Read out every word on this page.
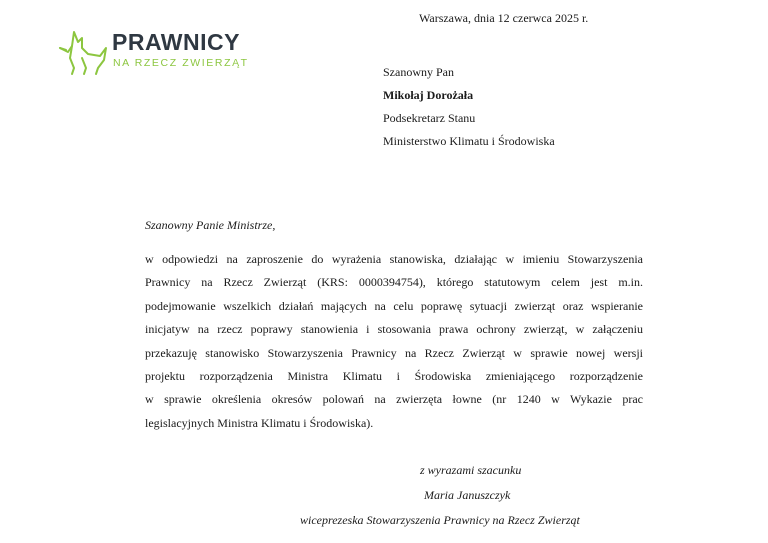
PRAWNICY
NA RZECZ ZWIERZĄT
Warszawa, dnia 12 czerwca 2025 r.
Szanowny Pan
Mikołaj Dorożała
Podsekretarz Stanu
Ministerstwo Klimatu i Środowiska
Szanowny Panie Ministrze,
w odpowiedzi na zaproszenie do wyrażenia stanowiska, działając w imieniu Stowarzyszenia
Prawnicy na Rzecz Zwierząt (KRS: 0000394754), którego statutowym celem jest m.in.
podejmowanie wszelkich działań mających na celu poprawę sytuacji zwierząt oraz wspieranie
inicjatyw na rzecz poprawy stanowienia i stosowania prawa ochrony zwierząt, w załączeniu
przekazuję stanowisko Stowarzyszenia Prawnicy na Rzecz Zwierząt w sprawie nowej wersji
projektu rozporządzenia Ministra Klimatu i Środowiska zmieniającego rozporządzenie
w sprawie określenia okresów polowań na zwierzęta łowne (nr 1240 w Wykazie prac
legislacyjnych Ministra Klimatu i Środowiska).
z wyrazami szacunku
Maria Januszczyk
wiceprezeska Stowarzyszenia Prawnicy na Rzecz Zwierząt
